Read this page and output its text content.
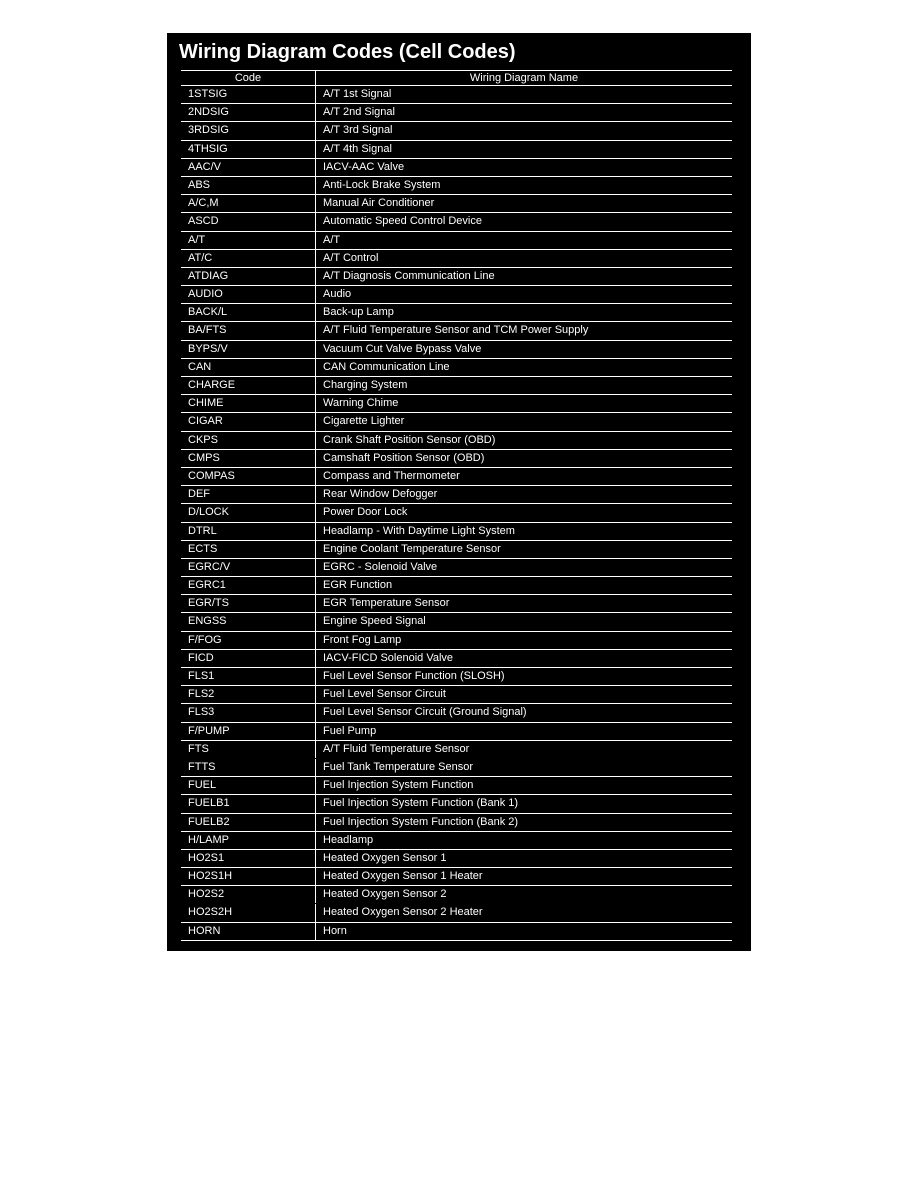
Wiring Diagram Codes (Cell Codes)
Code	Wiring Diagram Name
1STSIG	A/T 1st Signal
2NDSIG	A/T 2nd Signal
3RDSIG	A/T 3rd Signal
4THSIG	A/T 4th Signal
AAC/V	IACV-AAC Valve
ABS	Anti-Lock Brake System
A/C,M	Manual Air Conditioner
ASCD	Automatic Speed Control Device
A/T	A/T
AT/C	A/T Control
ATDIAG	A/T Diagnosis Communication Line
AUDIO	Audio
BACK/L	Back-up Lamp
BA/FTS	A/T Fluid Temperature Sensor and TCM Power Supply
BYPS/V	Vacuum Cut Valve Bypass Valve
CAN	CAN Communication Line
CHARGE	Charging System
CHIME	Warning Chime
CIGAR	Cigarette Lighter
CKPS	Crank Shaft Position Sensor (OBD)
CMPS	Camshaft Position Sensor (OBD)
COMPAS	Compass and Thermometer
DEF	Rear Window Defogger
D/LOCK	Power Door Lock
DTRL	Headlamp - With Daytime Light System
ECTS	Engine Coolant Temperature Sensor
EGRC/V	EGRC - Solenoid Valve
EGRC1	EGR Function
EGR/TS	EGR Temperature Sensor
ENGSS	Engine Speed Signal
F/FOG	Front Fog Lamp
FICD	IACV-FICD Solenoid Valve
FLS1	Fuel Level Sensor Function (SLOSH)
FLS2	Fuel Level Sensor Circuit
FLS3	Fuel Level Sensor Circuit (Ground Signal)
F/PUMP	Fuel Pump
FTS	A/T Fluid Temperature Sensor
FTTS	Fuel Tank Temperature Sensor
FUEL	Fuel Injection System Function
FUELB1	Fuel Injection System Function (Bank 1)
FUELB2	Fuel Injection System Function (Bank 2)
H/LAMP	Headlamp
HO2S1	Heated Oxygen Sensor 1
HO2S1H	Heated Oxygen Sensor 1 Heater
HO2S2	Heated Oxygen Sensor 2
HO2S2H	Heated Oxygen Sensor 2 Heater
HORN	Horn
